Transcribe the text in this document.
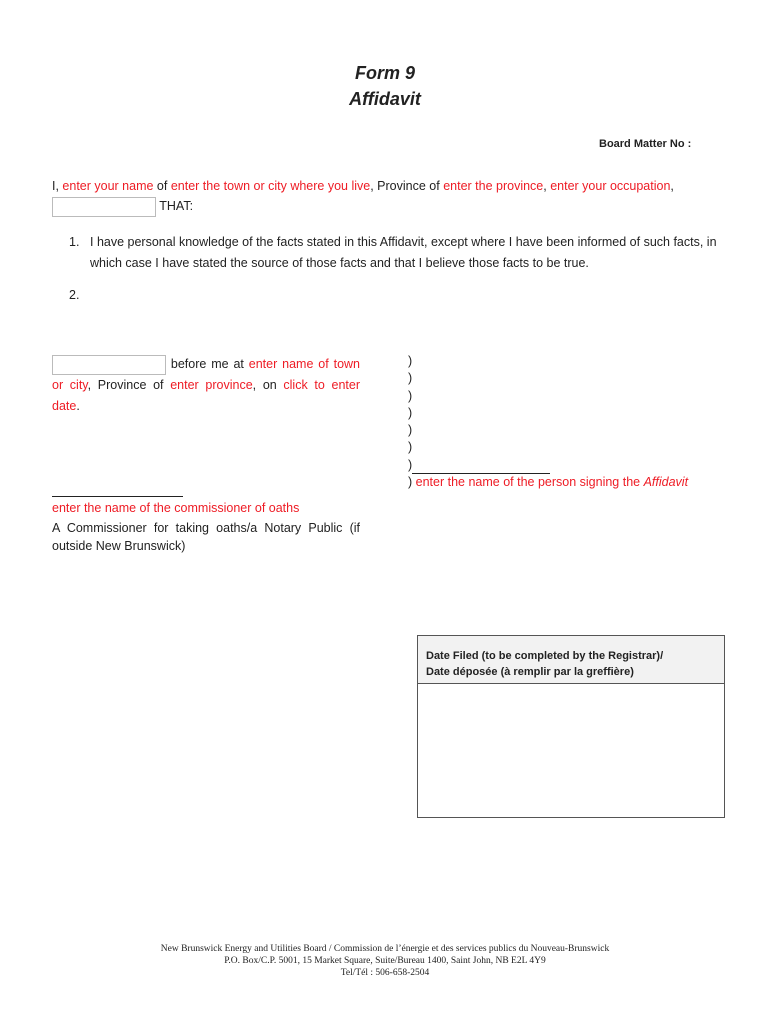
Form 9
Affidavit
Board Matter No :
I, enter your name of enter the town or city where you live, Province of enter the province, enter your occupation,
THAT:
1. I have personal knowledge of the facts stated in this Affidavit, except where I have been informed of such facts, in which case I have stated the source of those facts and that I believe those facts to be true.
2.
before me at enter name of town or city, Province of enter province, on click to enter date.
)
)
)
)
)
)
)
) enter the name of the person signing the Affidavit
enter the name of the commissioner of oaths
A Commissioner for taking oaths/a Notary Public (if outside New Brunswick)
Date Filed (to be completed by the Registrar)/
Date déposée (à remplir par la greffière)
New Brunswick Energy and Utilities Board / Commission de l’énergie et des services publics du Nouveau-Brunswick
P.O. Box/C.P. 5001, 15 Market Square, Suite/Bureau 1400, Saint John, NB E2L 4Y9
Tel/Tél : 506-658-2504
